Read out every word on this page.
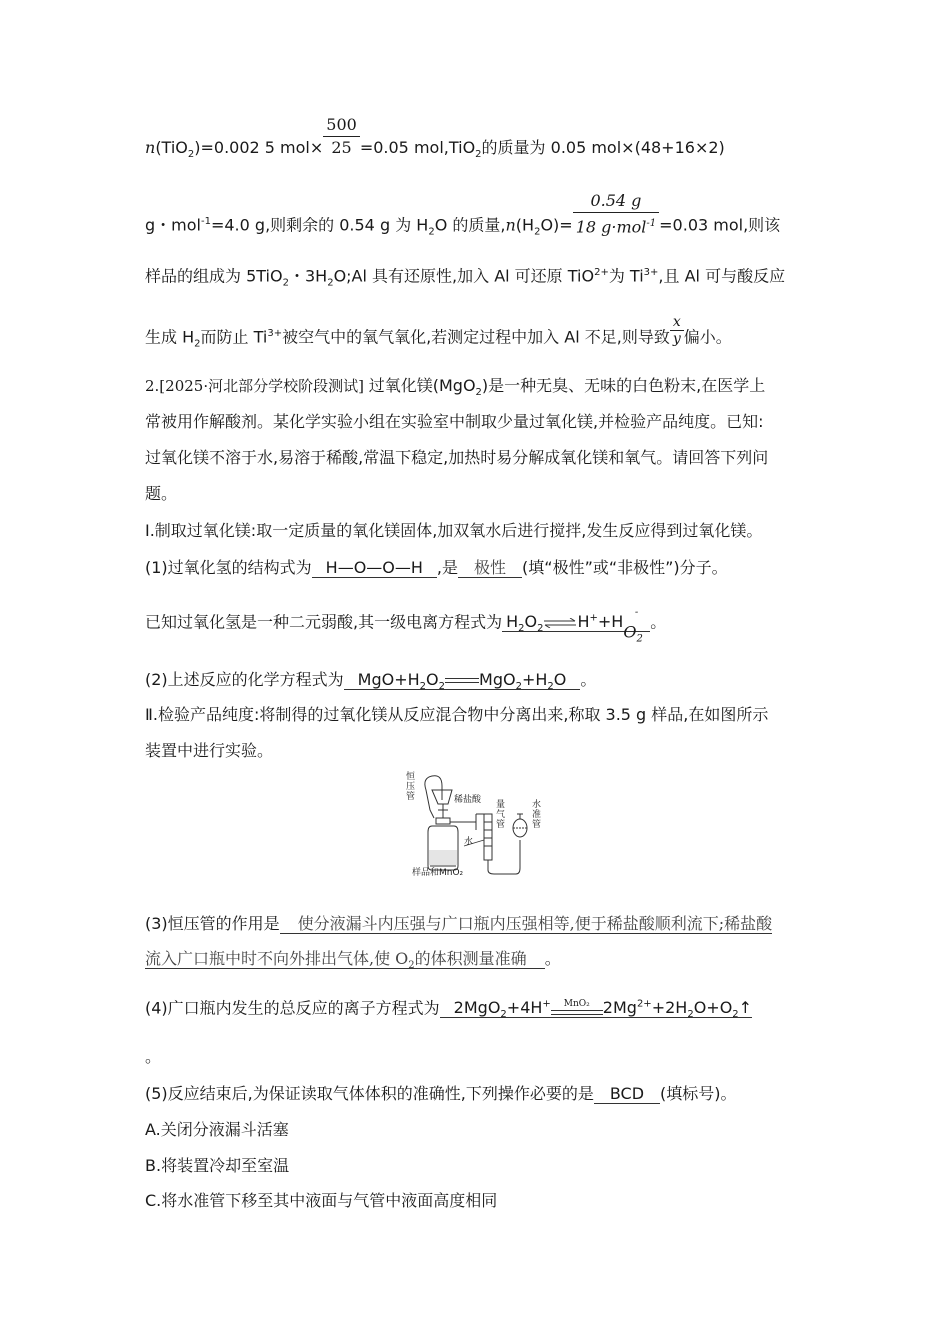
n(TiO$_2$)=0.002 5 $mol\times \frac{500}{25} =0.05$ mol,TiO$_2$的质量为 0.05 mol×(48+16×2)
g・mol$^{-1}$=4.0 g,则剩余的 0.54 g 为 $H_2O$ 的质量$,n(H_2O)= \frac{0.54 g}{18 g\cdot mol^{-1}} =0.03$ mol,则该
样品的组成为 5TiO$_2$・$3H_2O;Al$ 具有还原性,加入 Al 可还原 TiO$^{2+}$为 $Ti^{3+}$,且 Al 可与酸反应
生成 $H_2$而防止 $Ti^{3+}$被空气中的氧气氧化,若测定过程中加入 Al 不足,则导致 $\frac{x}{y}$ 偏小。
2.[2025·河北部分学校阶段测试] 过氧化镁(MgO$_2$)是一种无臭、无味的白色粉末,在医学上
常被用作解酸剂。某化学实验小组在实验室中制取少量过氧化镁,并检验产品纯度。已知:
过氧化镁不溶于水,易溶于稀酸,常温下稳定,加热时易分解成氧化镁和氧气。请回答下列问
题。
Ⅰ.制取过氧化镁:取一定质量的氧化镁固体,加双氧水后进行搅拌,发生反应得到过氧化镁。
(1)过氧化氢的结构式为 H—O—O—H ,是 极性 (填“极性”或“非极性”)分子。
已知过氧化氢是一种二元弱酸,其一级电离方程式为 $H_2O_2$ $\rightleftharpoons H^++HO_2^-$ 。
(2)上述反应的化学方程式为 $MgO+H_2O_2$ $MgO_2+H_2O$ 。
Ⅱ.检验产品纯度:将制得的过氧化镁从反应混合物中分离出来,称取 3.5 g 样品,在如图所示
装置中进行实验。
恒压管	稀盐酸 量气管
水
水准管
样品和MnO₂
(3)恒压管的作用是 使分液漏斗内压强与广口瓶内压强相等,便于稀盐酸顺利流下;稀盐酸
流入广口瓶中时不向外排出气体,使 $O_2$的体积测量准确 。
(4)广口瓶内发生的总反应的离子方程式为 2MgO$_2$+4H+	MnO₂ $2Mg^{2+}+2H_2O+O_2↑$
。
(5)反应结束后,为保证读取气体体积的准确性,下列操作必要的是 BCD (填标号)。
A.关闭分液漏斗活塞
B.将装置冷却至室温
C.将水准管下移至其中液面与气管中液面高度相同
